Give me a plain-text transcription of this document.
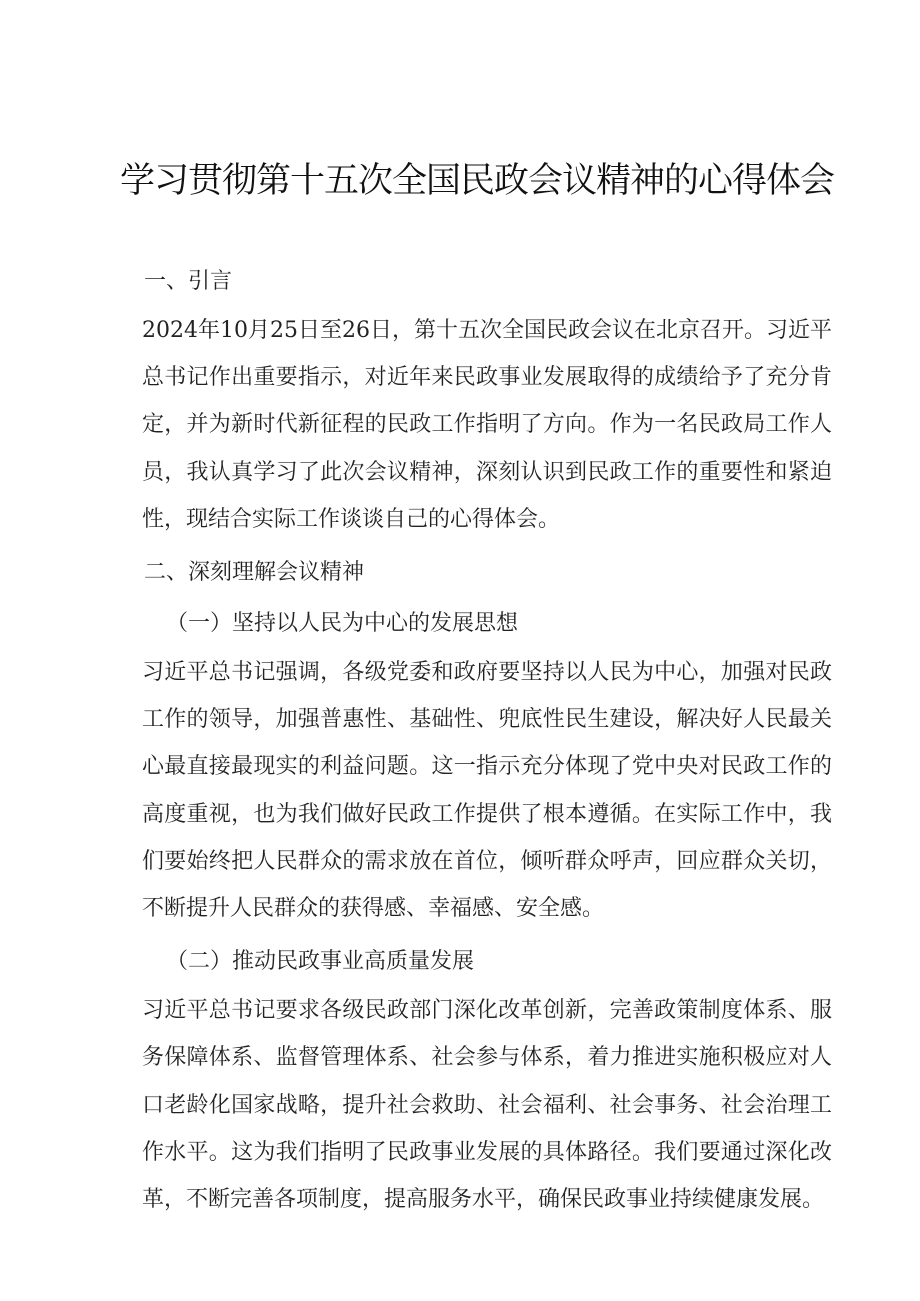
学习贯彻第十五次全国民政会议精神的心得体会
一、引言

2024年10月25日至26日，第十五次全国民政会议在北京召开。习近平总书记作出重要指示，对近年来民政事业发展取得的成绩给予了充分肯定，并为新时代新征程的民政工作指明了方向。作为一名民政局工作人员，我认真学习了此次会议精神，深刻认识到民政工作的重要性和紧迫性，现结合实际工作谈谈自己的心得体会。

二、深刻理解会议精神
（一）坚持以人民为中心的发展思想

习近平总书记强调，各级党委和政府要坚持以人民为中心，加强对民政工作的领导，加强普惠性、基础性、兜底性民生建设，解决好人民最关心最直接最现实的利益问题。这一指示充分体现了党中央对民政工作的高度重视，也为我们做好民政工作提供了根本遵循。在实际工作中，我们要始终把人民群众的需求放在首位，倾听群众呼声，回应群众关切，不断提升人民群众的获得感、幸福感、安全感。

（二）推动民政事业高质量发展

习近平总书记要求各级民政部门深化改革创新，完善政策制度体系、服务保障体系、监督管理体系、社会参与体系，着力推进实施积极应对人口老龄化国家战略，提升社会救助、社会福利、社会事务、社会治理工作水平。这为我们指明了民政事业发展的具体路径。我们要通过深化改革，不断完善各项制度，提高服务水平，确保民政事业持续健康发展。
